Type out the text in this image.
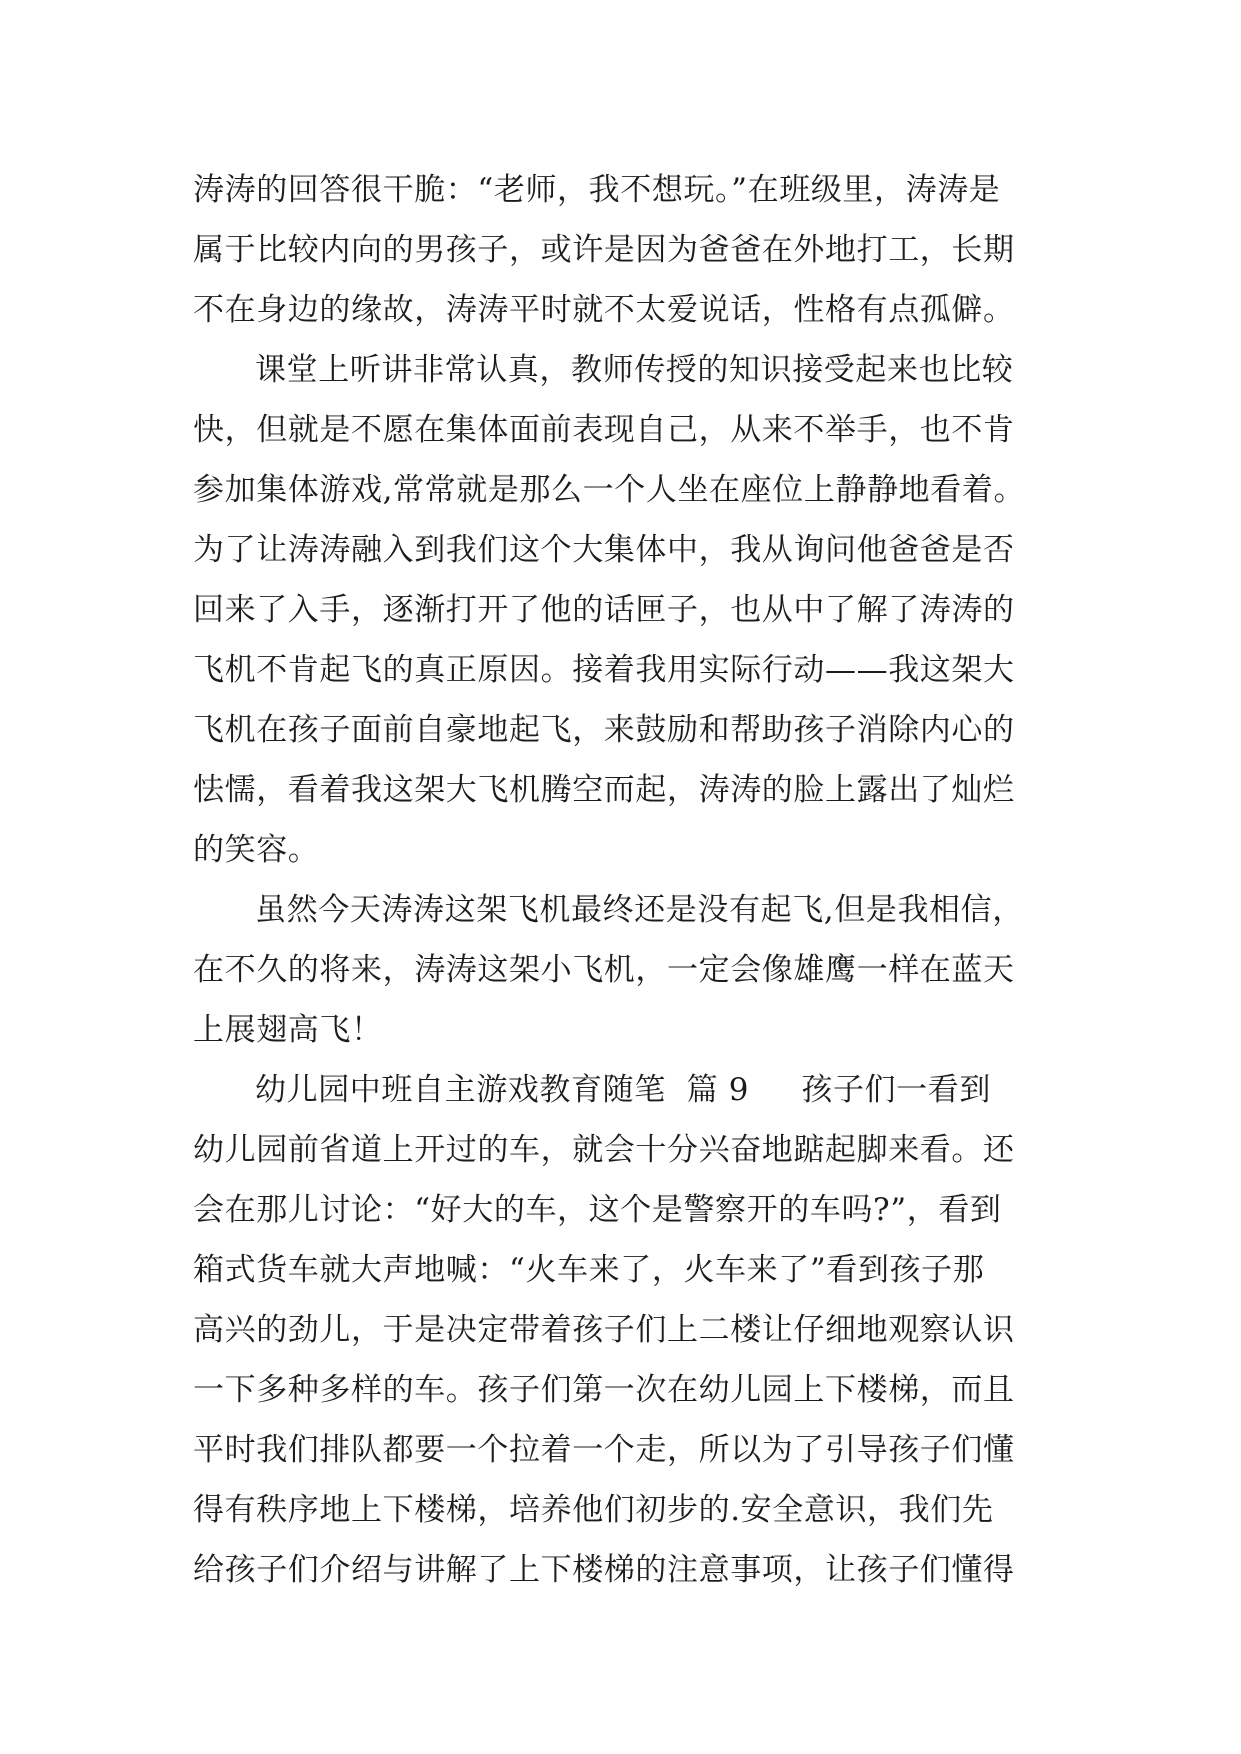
涛涛的回答很干脆：“老师，我不想玩。”在班级里，涛涛是
属于比较内向的男孩子，或许是因为爸爸在外地打工，长期
不在身边的缘故，涛涛平时就不太爱说话，性格有点孤僻。
课堂上听讲非常认真，教师传授的知识接受起来也比较
快，但就是不愿在集体面前表现自己，从来不举手，也不肯
参加集体游戏,常常就是那么一个人坐在座位上静静地看着。
为了让涛涛融入到我们这个大集体中，我从询问他爸爸是否
回来了入手，逐渐打开了他的话匣子，也从中了解了涛涛的
飞机不肯起飞的真正原因。接着我用实际行动——我这架大
飞机在孩子面前自豪地起飞，来鼓励和帮助孩子消除内心的
怯懦，看着我这架大飞机腾空而起，涛涛的脸上露出了灿烂
的笑容。
虽然今天涛涛这架飞机最终还是没有起飞,但是我相信，
在不久的将来，涛涛这架小飞机，一定会像雄鹰一样在蓝天
上展翅高飞！
幼儿园中班自主游戏教育随笔  篇 9     孩子们一看到
幼儿园前省道上开过的车，就会十分兴奋地踮起脚来看。还
会在那儿讨论：“好大的车，这个是警察开的车吗?”，看到
箱式货车就大声地喊：“火车来了，火车来了”看到孩子那
高兴的劲儿，于是决定带着孩子们上二楼让仔细地观察认识
一下多种多样的车。孩子们第一次在幼儿园上下楼梯，而且
平时我们排队都要一个拉着一个走，所以为了引导孩子们懂
得有秩序地上下楼梯，培养他们初步的.安全意识，我们先
给孩子们介绍与讲解了上下楼梯的注意事项，让孩子们懂得
